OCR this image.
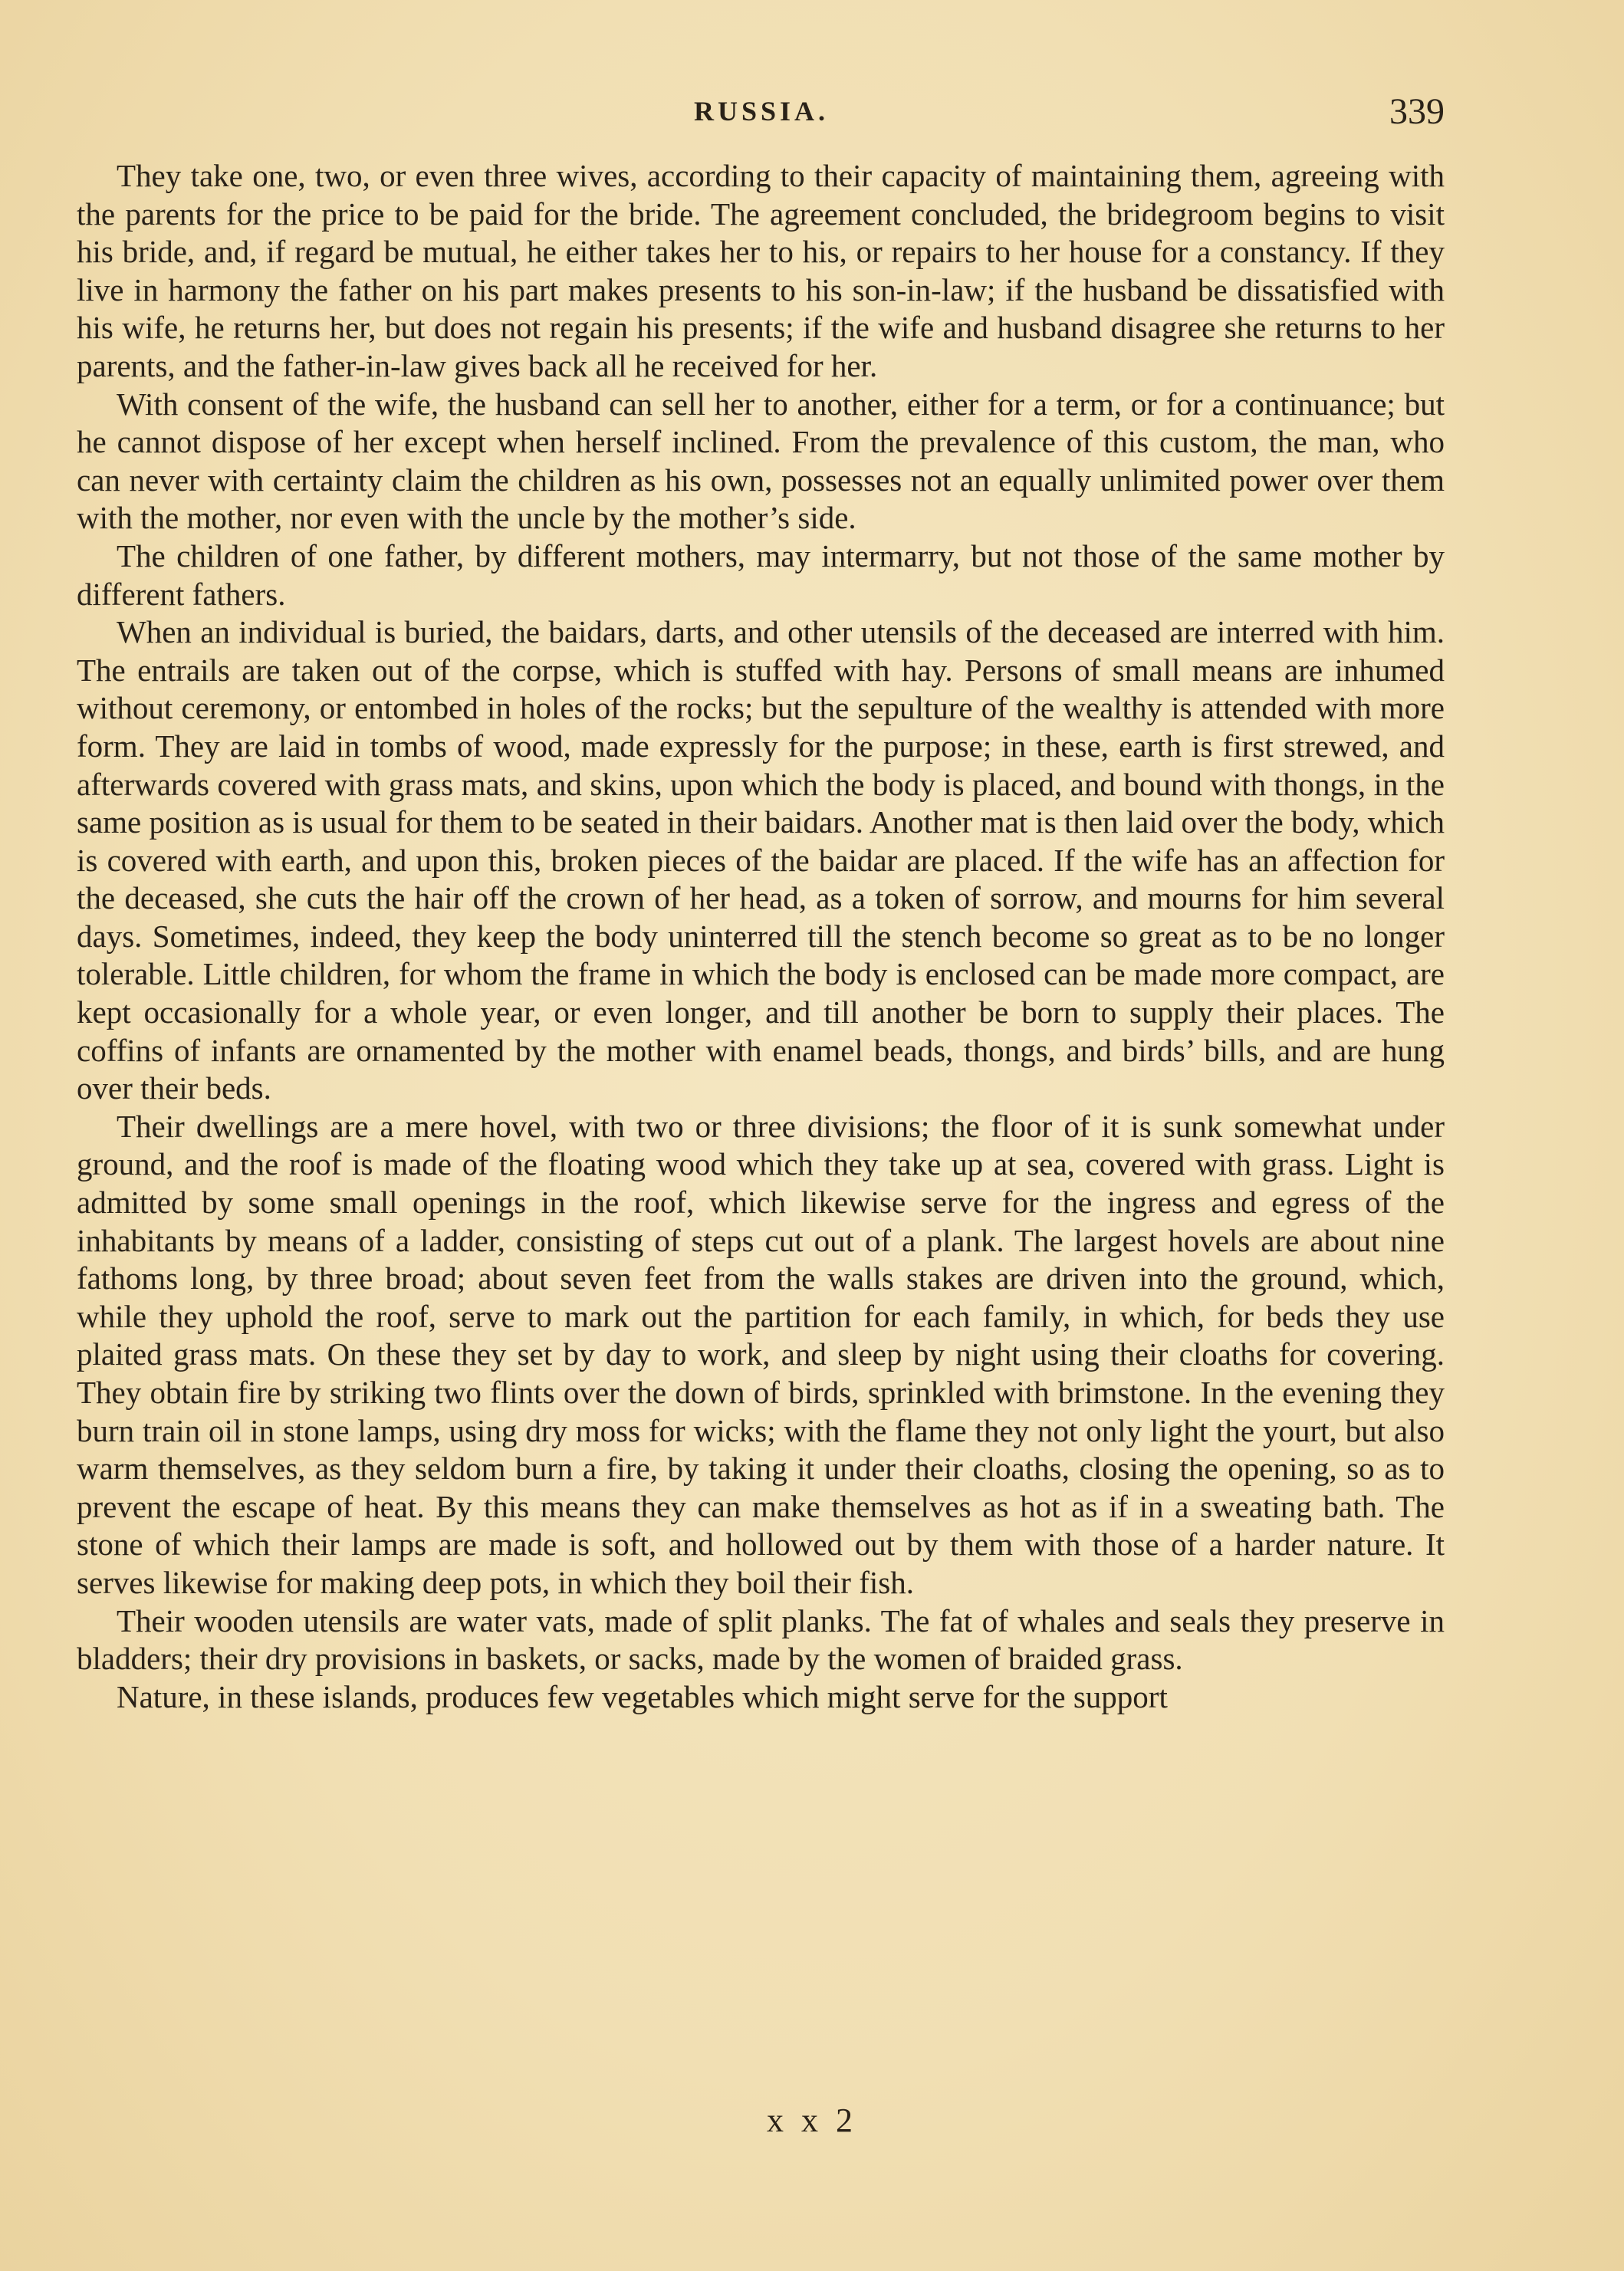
RUSSIA.	339

They take one, two, or even three wives, according to their capacity of maintaining them, agreeing with the parents for the price to be paid for the bride. The agreement concluded, the bridegroom begins to visit his bride, and, if regard be mutual, he either takes her to his, or repairs to her house for a constancy. If they live in harmony the father on his part makes presents to his son-in-law; if the husband be dissatisfied with his wife, he returns her, but does not regain his presents; if the wife and husband disagree she returns to her parents, and the father-in-law gives back all he received for her.

With consent of the wife, the husband can sell her to another, either for a term, or for a continuance; but he cannot dispose of her except when herself inclined. From the prevalence of this custom, the man, who can never with certainty claim the children as his own, possesses not an equally unlimited power over them with the mother, nor even with the uncle by the mother’s side.

The children of one father, by different mothers, may intermarry, but not those of the same mother by different fathers.

When an individual is buried, the baidars, darts, and other utensils of the deceased are interred with him. The entrails are taken out of the corpse, which is stuffed with hay. Persons of small means are inhumed without ceremony, or entombed in holes of the rocks; but the sepulture of the wealthy is attended with more form. They are laid in tombs of wood, made expressly for the purpose; in these, earth is first strewed, and afterwards covered with grass mats, and skins, upon which the body is placed, and bound with thongs, in the same position as is usual for them to be seated in their baidars. Another mat is then laid over the body, which is covered with earth, and upon this, broken pieces of the baidar are placed. If the wife has an affection for the deceased, she cuts the hair off the crown of her head, as a token of sorrow, and mourns for him several days. Sometimes, indeed, they keep the body uninterred till the stench become so great as to be no longer tolerable. Little children, for whom the frame in which the body is enclosed can be made more compact, are kept occasionally for a whole year, or even longer, and till another be born to supply their places. The coffins of infants are ornamented by the mother with enamel beads, thongs, and birds’ bills, and are hung over their beds.

Their dwellings are a mere hovel, with two or three divisions; the floor of it is sunk somewhat under ground, and the roof is made of the floating wood which they take up at sea, covered with grass. Light is admitted by some small openings in the roof, which likewise serve for the ingress and egress of the inhabitants by means of a ladder, consisting of steps cut out of a plank. The largest hovels are about nine fathoms long, by three broad; about seven feet from the walls stakes are driven into the ground, which, while they uphold the roof, serve to mark out the partition for each family, in which, for beds they use plaited grass mats. On these they set by day to work, and sleep by night using their cloaths for covering. They obtain fire by striking two flints over the down of birds, sprinkled with brimstone. In the evening they burn train oil in stone lamps, using dry moss for wicks; with the flame they not only light the yourt, but also warm themselves, as they seldom burn a fire, by taking it under their cloaths, closing the opening, so as to prevent the escape of heat. By this means they can make themselves as hot as if in a sweating bath. The stone of which their lamps are made is soft, and hollowed out by them with those of a harder nature. It serves likewise for making deep pots, in which they boil their fish.

Their wooden utensils are water vats, made of split planks. The fat of whales and seals they preserve in bladders; their dry provisions in baskets, or sacks, made by the women of braided grass.

Nature, in these islands, produces few vegetables which might serve for the support

x x 2
